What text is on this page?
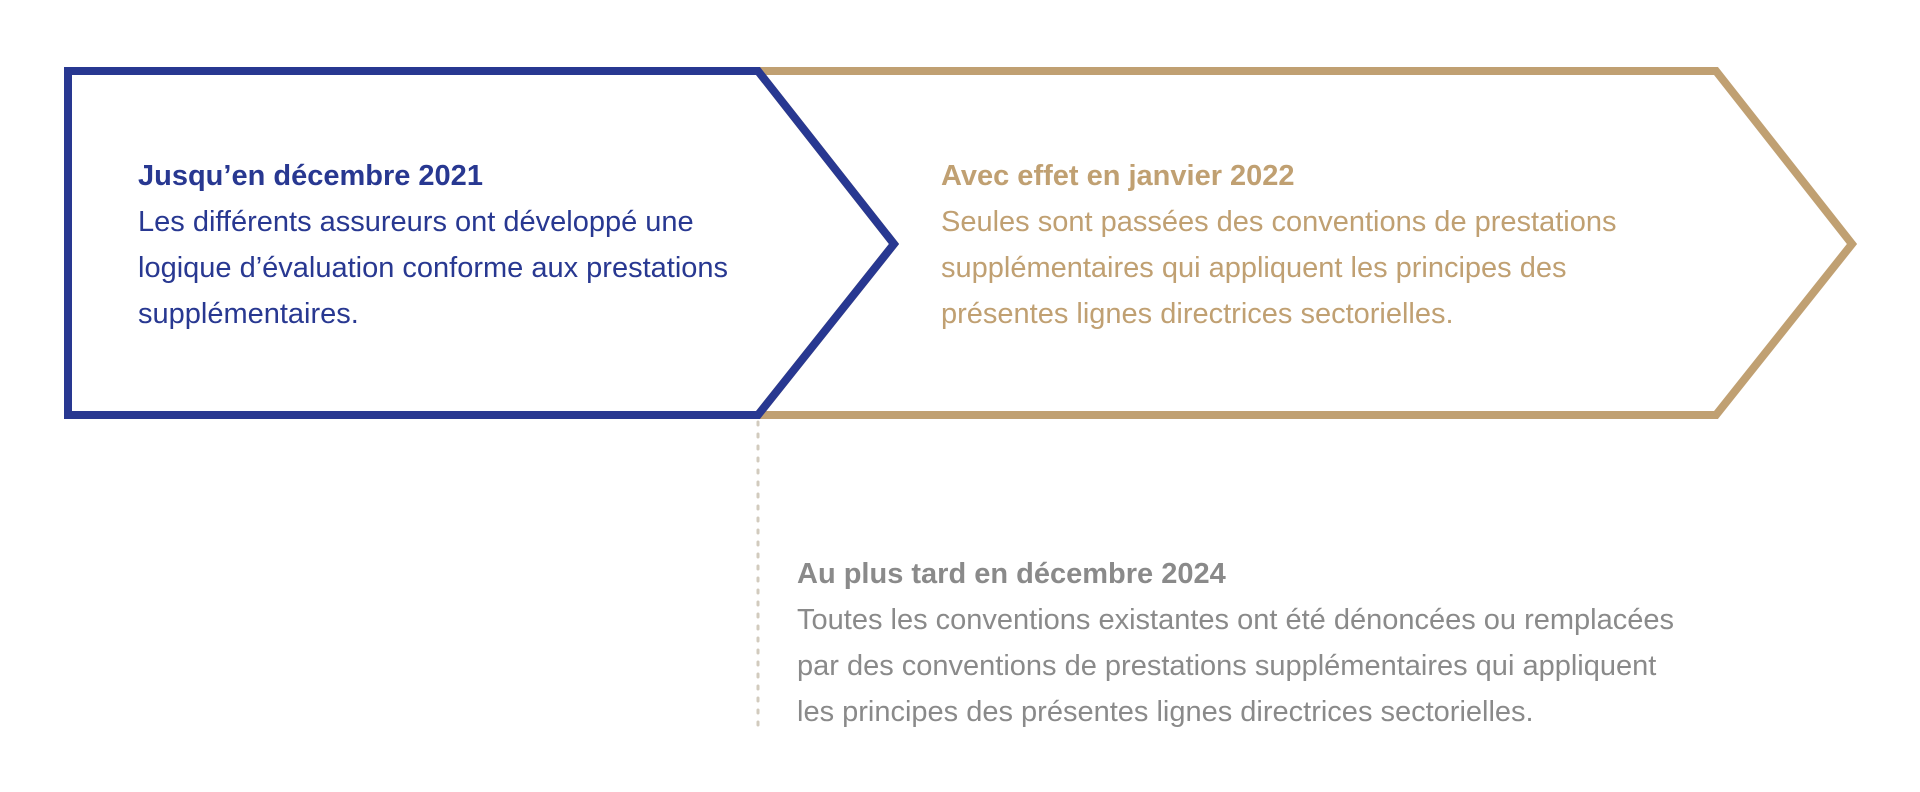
Jusqu’en décembre 2021
Les différents assureurs ont développé une
logique d’évaluation conforme aux prestations
supplémentaires.
Avec effet en janvier 2022
Seules sont passées des conventions de prestations
supplémentaires qui appliquent les principes des
présentes lignes directrices sectorielles.
Au plus tard en décembre 2024
Toutes les conventions existantes ont été dénoncées ou remplacées
par des conventions de prestations supplémentaires qui appliquent
les principes des présentes lignes directrices sectorielles.
